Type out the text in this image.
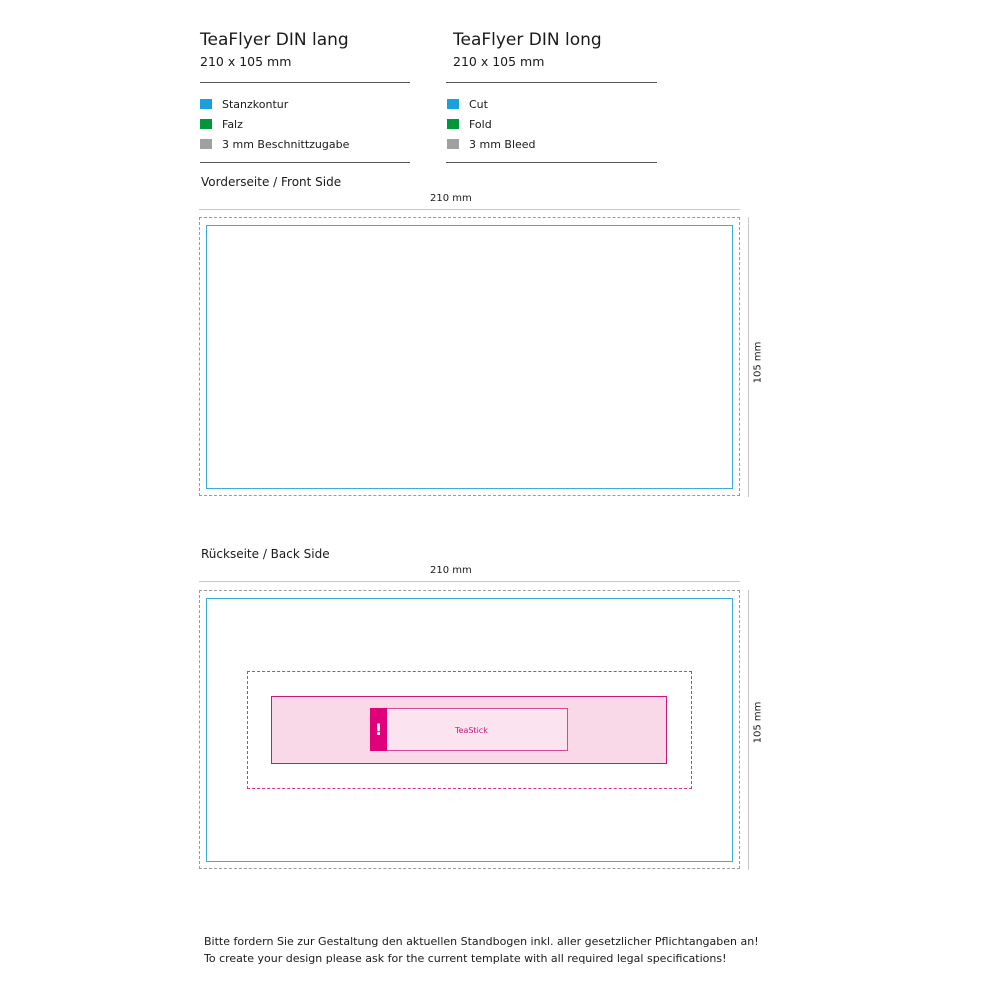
TeaFlyer DIN lang
210 x 105 mm
TeaFlyer DIN long
210 x 105 mm
Stanzkontur
Falz
3 mm Beschnittzugabe
Cut
Fold
3 mm Bleed
Vorderseite / Front Side
210 mm
105 mm
Rückseite / Back Side
210 mm
105 mm
!	TeaStick
Bitte fordern Sie zur Gestaltung den aktuellen Standbogen inkl. aller gesetzlicher Pflichtangaben an!
To create your design please ask for the current template with all required legal specifications!
